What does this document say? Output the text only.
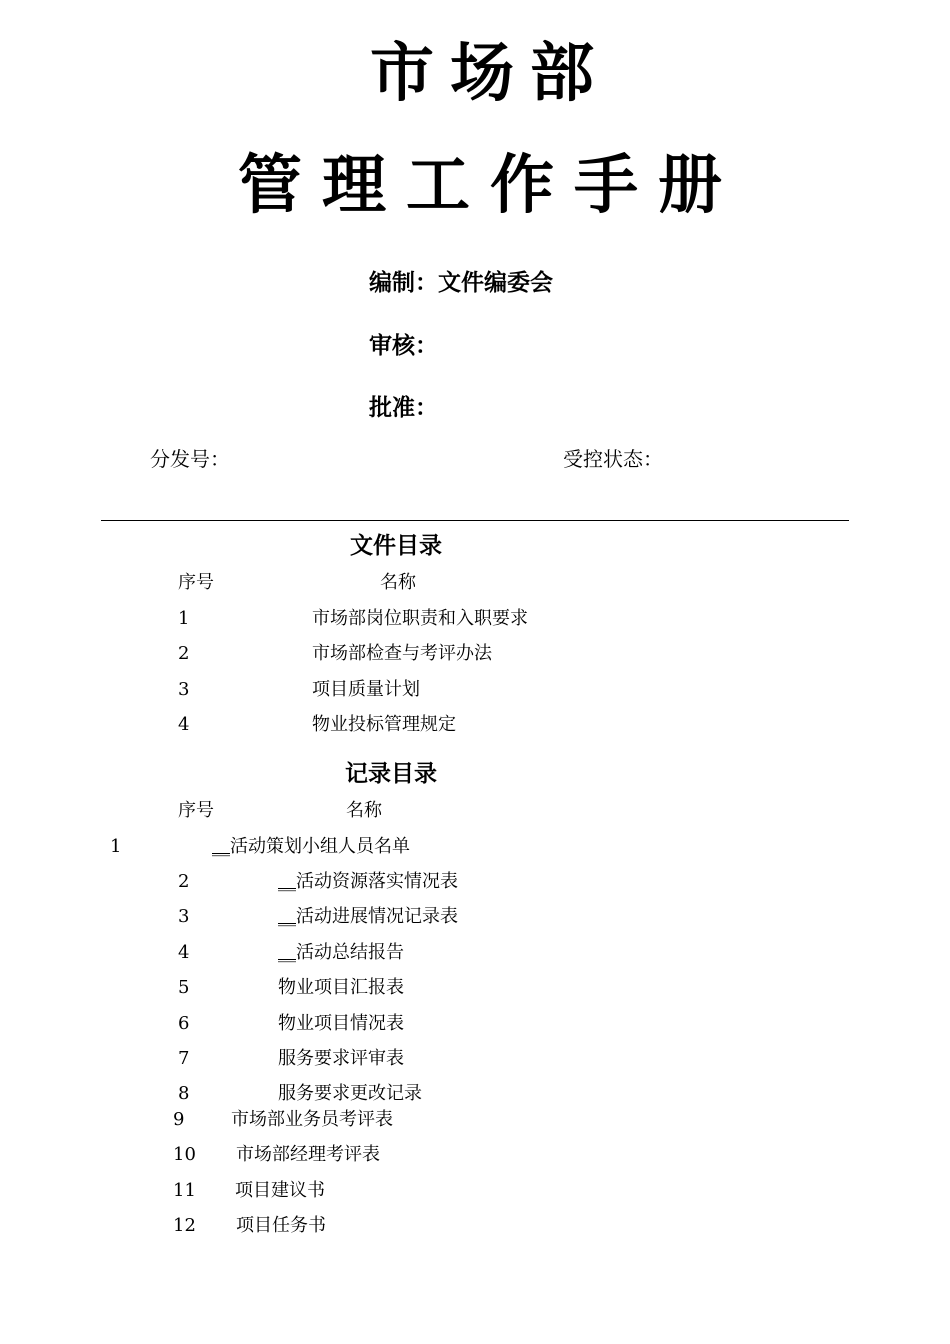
市场部
管理工作手册
编制：文件编委会
审核：
批准：
分发号：	受控状态：
文件目录
序号	名称
1	市场部岗位职责和入职要求
2	市场部检查与考评办法
3	项目质量计划
4	物业投标管理规定
记录目录
序号	名称
1	__活动策划小组人员名单
2	__活动资源落实情况表
3	__活动进展情况记录表
4	__活动总结报告
5	物业项目汇报表
6	物业项目情况表
7	服务要求评审表
8	服务要求更改记录
9	市场部业务员考评表
10 市场部经理考评表
11 项目建议书
12 项目任务书
